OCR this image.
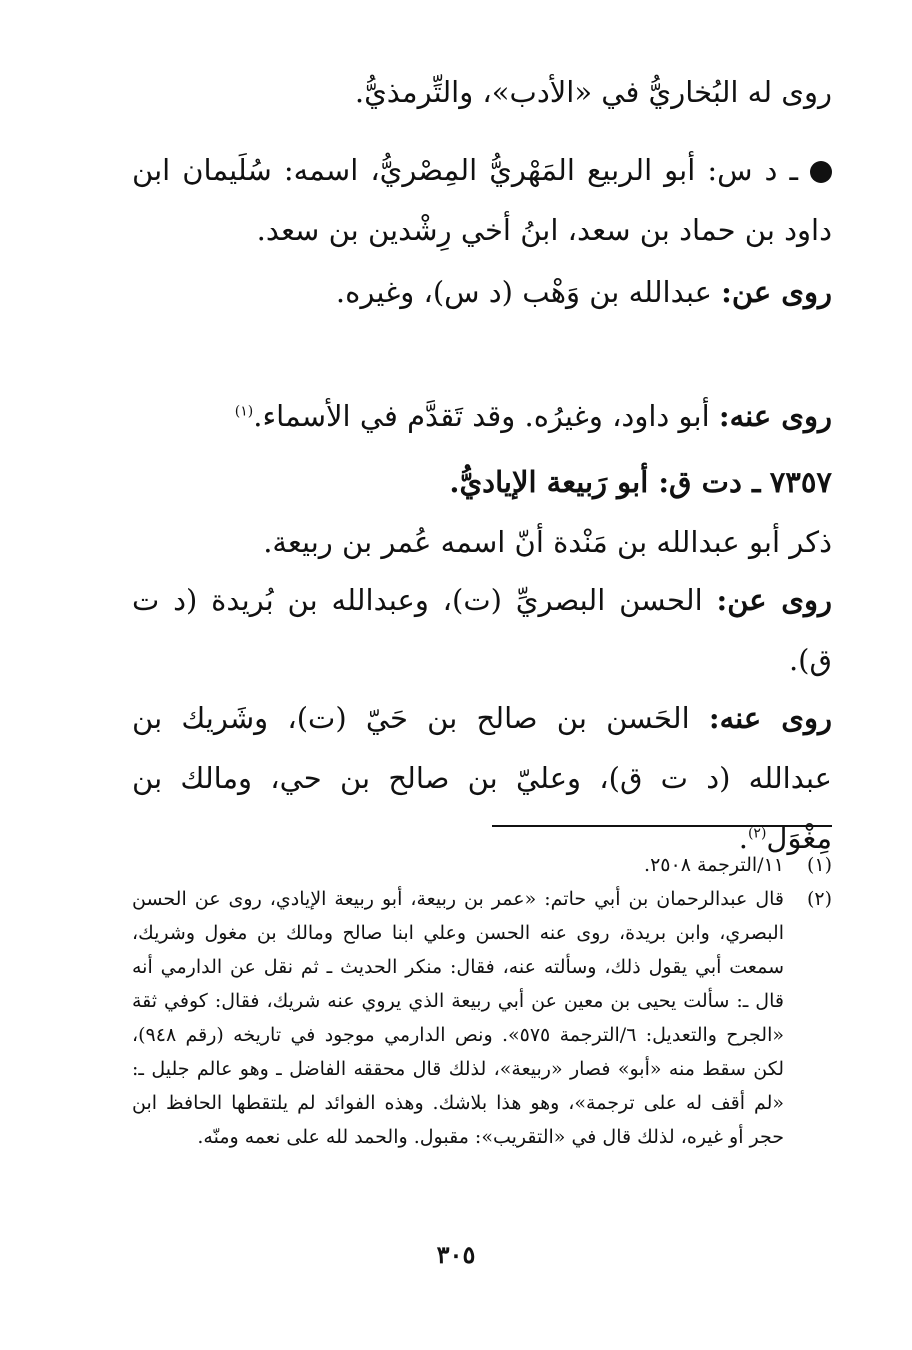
روى له البُخاريُّ في «الأدب»، والتِّرمذيُّ.

ـ د س: أبو الربيع المَهْريُّ المِصْريُّ، اسمه: سُلَيمان ابن داود بن حماد بن سعد، ابنُ أخي رِشْدين بن سعد.

روى عن: عبدالله بن وَهْب (د س)، وغيره.

روى عنه: أبو داود، وغيرُه. وقد تَقدَّم في الأسماء.$^{(١)}$

٧٣٥٧ ـ دت ق: أبو رَبيعة الإياديُّ.

ذكر أبو عبدالله بن مَنْدة أنّ اسمه عُمر بن ربيعة.

روى عن: الحسن البصريِّ (ت)، وعبدالله بن بُريدة (د ت ق).

روى عنه: الحَسن بن صالح بن حَيّ (ت)، وشَريك بن عبدالله (د ت ق)، وعليّ بن صالح بن حي، ومالك بن مِغْوَل$^{(٢)}$.

(١)
١١/الترجمة ٢٥٠٨.
(٢)
قال عبدالرحمان بن أبي حاتم: «عمر بن ربيعة، أبو ربيعة الإيادي، روى عن الحسن البصري، وابن بريدة، روى عنه الحسن وعلي ابنا صالح ومالك بن مغول وشريك، سمعت أبي يقول ذلك، وسألته عنه، فقال: منكر الحديث ـ ثم نقل عن الدارمي أنه قال ـ: سألت يحيى بن معين عن أبي ربيعة الذي يروي عنه شريك، فقال: كوفي ثقة «الجرح والتعديل: ٦/الترجمة ٥٧٥». ونص الدارمي موجود في تاريخه (رقم ٩٤٨)، لكن سقط منه «أبو» فصار «ربيعة»، لذلك قال محققه الفاضل ـ وهو عالم جليل ـ: «لم أقف له على ترجمة»، وهو هذا بلاشك. وهذه الفوائد لم يلتقطها الحافظ ابن حجر أو غيره، لذلك قال في «التقريب»: مقبول. والحمد لله على نعمه ومنّه.
٣٠٥
